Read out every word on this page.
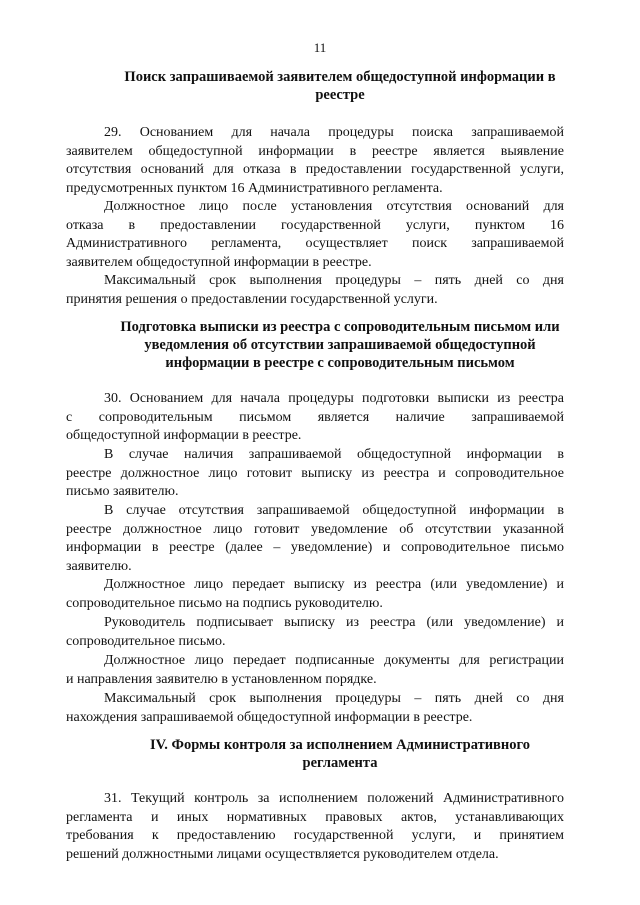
11
Поиск запрашиваемой заявителем общедоступной информации в
реестре
29. Основанием для начала процедуры поиска запрашиваемой
заявителем общедоступной информации в реестре является выявление
отсутствия оснований для отказа в предоставлении государственной услуги,
предусмотренных пунктом 16 Административного регламента.
Должностное лицо после установления отсутствия оснований для
отказа в предоставлении государственной услуги, пунктом 16
Административного регламента, осуществляет поиск запрашиваемой
заявителем общедоступной информации в реестре.
Максимальный срок выполнения процедуры – пять дней со дня
принятия решения о предоставлении государственной услуги.
Подготовка выписки из реестра с сопроводительным письмом или
уведомления об отсутствии запрашиваемой общедоступной
информации в реестре с сопроводительным письмом
30. Основанием для начала процедуры подготовки выписки из реестра
с сопроводительным письмом является наличие запрашиваемой
общедоступной информации в реестре.
В случае наличия запрашиваемой общедоступной информации в
реестре должностное лицо готовит выписку из реестра и сопроводительное
письмо заявителю.
В случае отсутствия запрашиваемой общедоступной информации в
реестре должностное лицо готовит уведомление об отсутствии указанной
информации в реестре (далее – уведомление) и сопроводительное письмо
заявителю.
Должностное лицо передает выписку из реестра (или уведомление) и
сопроводительное письмо на подпись руководителю.
Руководитель подписывает выписку из реестра (или уведомление) и
сопроводительное письмо.
Должностное лицо передает подписанные документы для регистрации
и направления заявителю в установленном порядке.
Максимальный срок выполнения процедуры – пять дней со дня
нахождения запрашиваемой общедоступной информации в реестре.
IV. Формы контроля за исполнением Административного
регламента
31. Текущий контроль за исполнением положений Административного
регламента и иных нормативных правовых актов, устанавливающих
требования к предоставлению государственной услуги, и принятием
решений должностными лицами осуществляется руководителем отдела.
